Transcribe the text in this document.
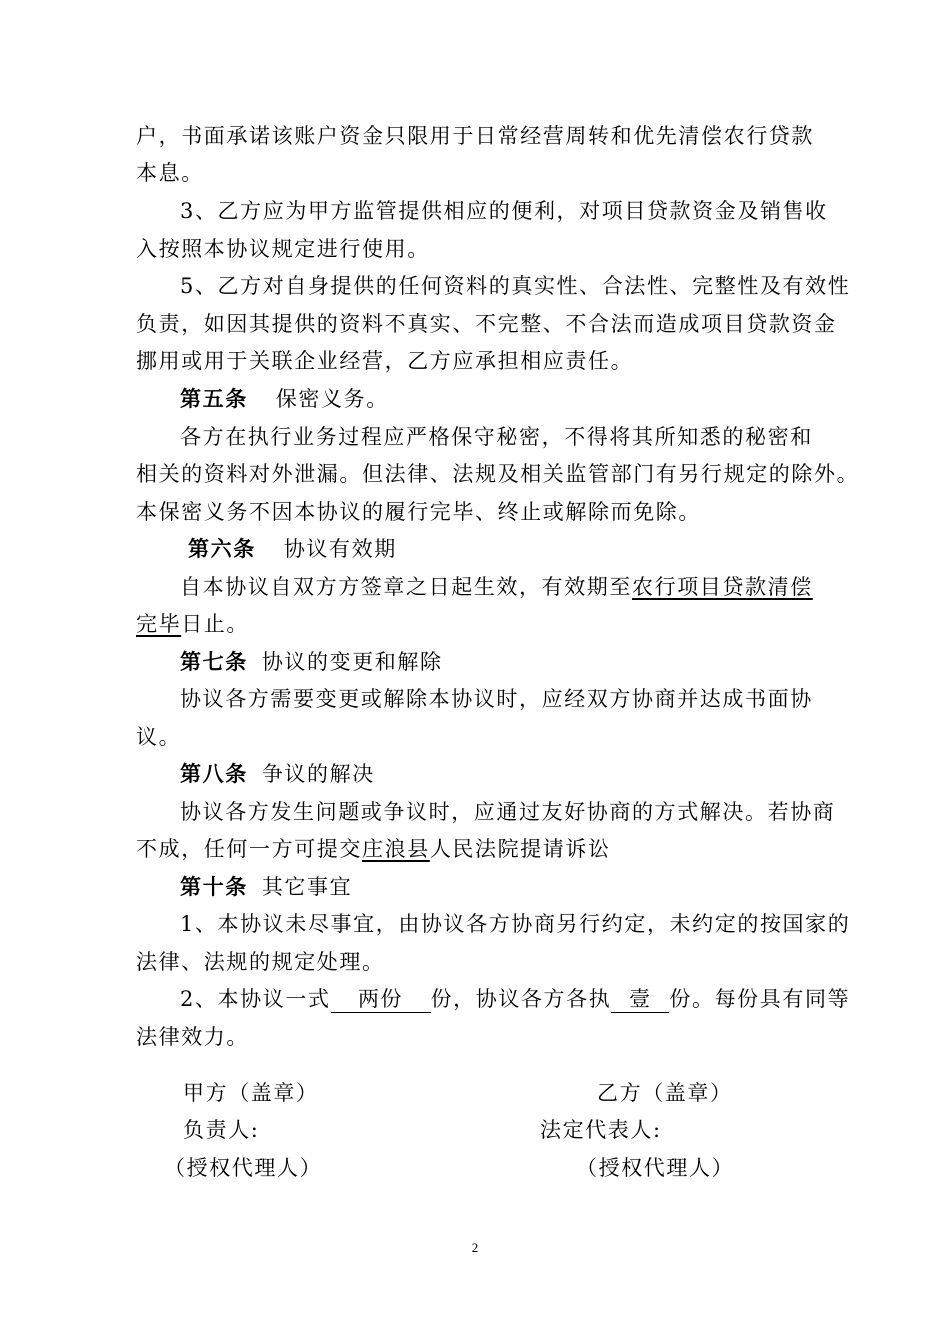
户，书面承诺该账户资金只限用于日常经营周转和优先清偿农行贷款
本息。
3、乙方应为甲方监管提供相应的便利，对项目贷款资金及销售收
入按照本协议规定进行使用。
5、乙方对自身提供的任何资料的真实性、合法性、完整性及有效性
负责，如因其提供的资料不真实、不完整、不合法而造成项目贷款资金
挪用或用于关联企业经营，乙方应承担相应责任。
第五条 保密义务。
各方在执行业务过程应严格保守秘密，不得将其所知悉的秘密和
相关的资料对外泄漏。但法律、法规及相关监管部门有另行规定的除外。
本保密义务不因本协议的履行完毕、终止或解除而免除。
第六条 协议有效期
自本协议自双方方签章之日起生效，有效期至农行项目贷款清偿
完毕日止。
第七条 协议的变更和解除
协议各方需要变更或解除本协议时，应经双方协商并达成书面协
议。
第八条 争议的解决
协议各方发生问题或争议时，应通过友好协商的方式解决。若协商
不成，任何一方可提交庄浪县人民法院提请诉讼
第十条 其它事宜
1、本协议未尽事宜，由协议各方协商另行约定，未约定的按国家的
法律、法规的规定处理。
2、本协议一式 两份 份，协议各方各执 壹 份。每份具有同等
法律效力。
甲方（盖章）	乙方（盖章）
负责人:	法定代表人:
（授权代理人）	（授权代理人）
2
